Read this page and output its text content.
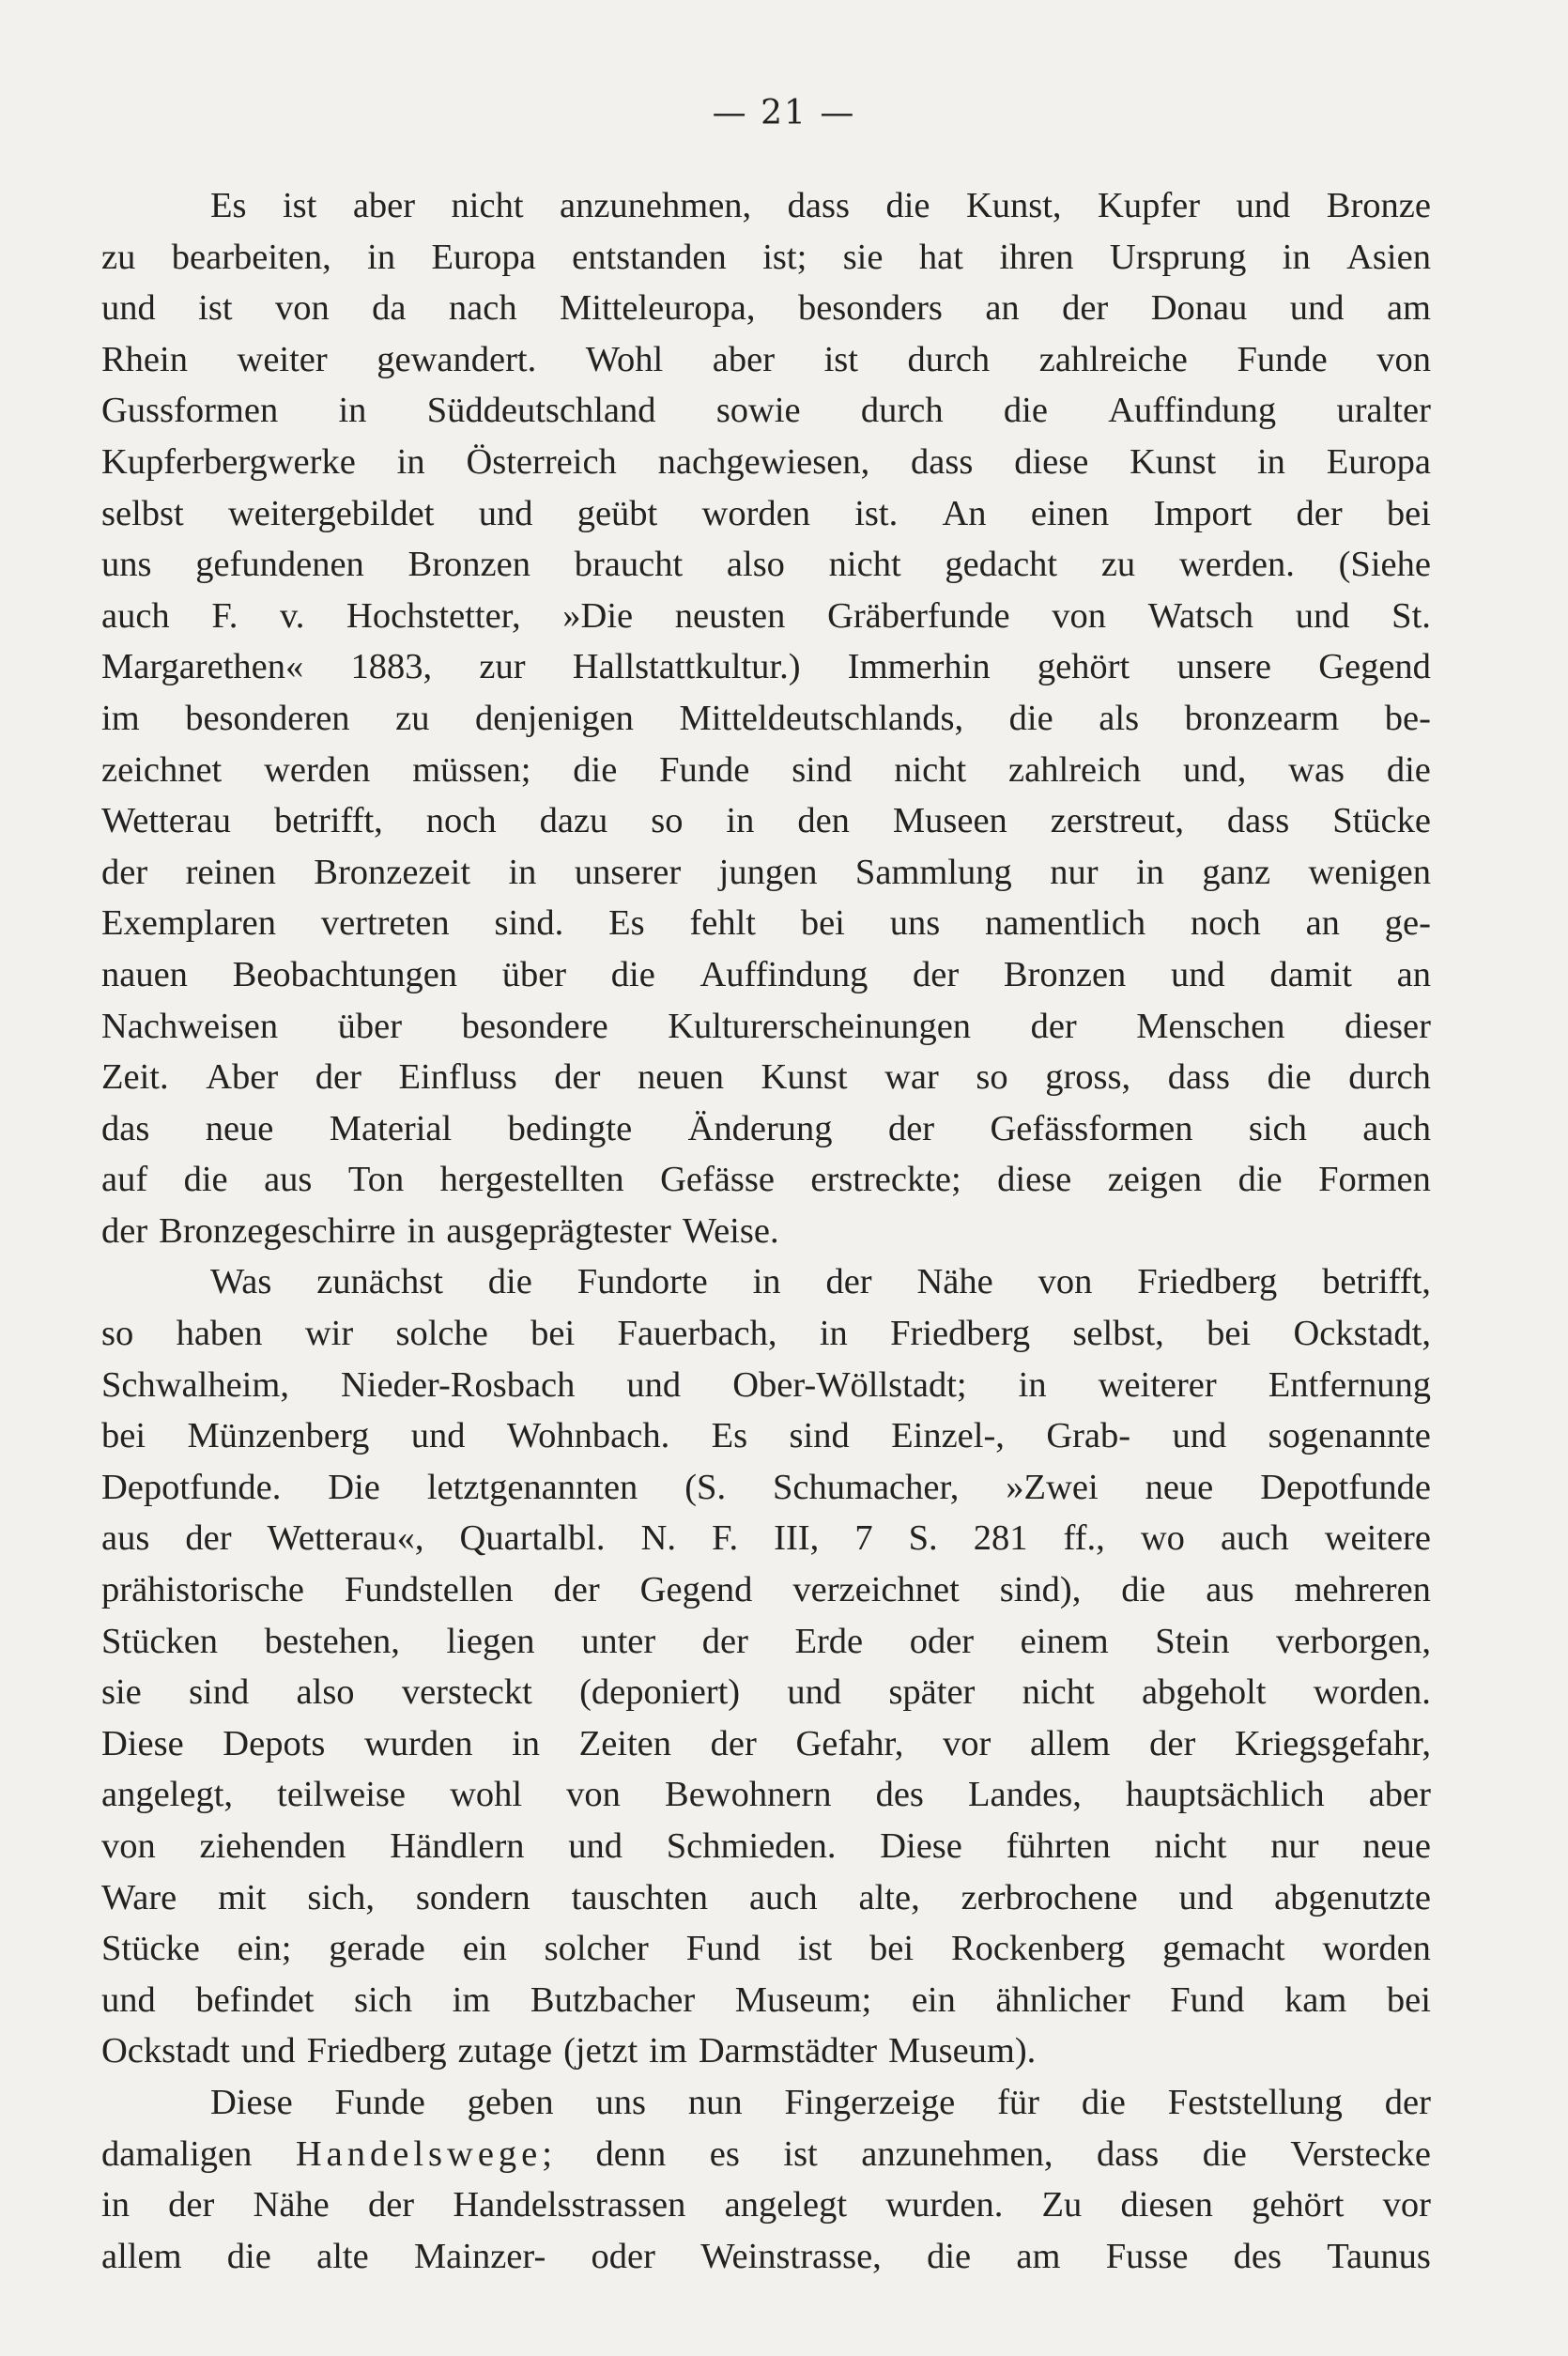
— 21 —
Es ist aber nicht anzunehmen, dass die Kunst, Kupfer und Bronze
zu bearbeiten, in Europa entstanden ist; sie hat ihren Ursprung in Asien
und ist von da nach Mitteleuropa, besonders an der Donau und am
Rhein weiter gewandert. Wohl aber ist durch zahlreiche Funde von
Gussformen in Süddeutschland sowie durch die Auffindung uralter
Kupferbergwerke in Österreich nachgewiesen, dass diese Kunst in Europa
selbst weitergebildet und geübt worden ist. An einen Import der bei
uns gefundenen Bronzen braucht also nicht gedacht zu werden. (Siehe
auch F. v. Hochstetter, »Die neusten Gräberfunde von Watsch und St.
Margarethen« 1883, zur Hallstattkultur.) Immerhin gehört unsere Gegend
im besonderen zu denjenigen Mitteldeutschlands, die als bronzearm be-
zeichnet werden müssen; die Funde sind nicht zahlreich und, was die
Wetterau betrifft, noch dazu so in den Museen zerstreut, dass Stücke
der reinen Bronzezeit in unserer jungen Sammlung nur in ganz wenigen
Exemplaren vertreten sind. Es fehlt bei uns namentlich noch an ge-
nauen Beobachtungen über die Auffindung der Bronzen und damit an
Nachweisen über besondere Kulturerscheinungen der Menschen dieser
Zeit. Aber der Einfluss der neuen Kunst war so gross, dass die durch
das neue Material bedingte Änderung der Gefässformen sich auch
auf die aus Ton hergestellten Gefässe erstreckte; diese zeigen die Formen
der Bronzegeschirre in ausgeprägtester Weise.
Was zunächst die Fundorte in der Nähe von Friedberg betrifft,
so haben wir solche bei Fauerbach, in Friedberg selbst, bei Ockstadt,
Schwalheim, Nieder-Rosbach und Ober-Wöllstadt; in weiterer Entfernung
bei Münzenberg und Wohnbach. Es sind Einzel-, Grab- und sogenannte
Depotfunde. Die letztgenannten (S. Schumacher, »Zwei neue Depotfunde
aus der Wetterau«, Quartalbl. N. F. III, 7 S. 281 ff., wo auch weitere
prähistorische Fundstellen der Gegend verzeichnet sind), die aus mehreren
Stücken bestehen, liegen unter der Erde oder einem Stein verborgen,
sie sind also versteckt (deponiert) und später nicht abgeholt worden.
Diese Depots wurden in Zeiten der Gefahr, vor allem der Kriegsgefahr,
angelegt, teilweise wohl von Bewohnern des Landes, hauptsächlich aber
von ziehenden Händlern und Schmieden. Diese führten nicht nur neue
Ware mit sich, sondern tauschten auch alte, zerbrochene und abgenutzte
Stücke ein; gerade ein solcher Fund ist bei Rockenberg gemacht worden
und befindet sich im Butzbacher Museum; ein ähnlicher Fund kam bei
Ockstadt und Friedberg zutage (jetzt im Darmstädter Museum).
Diese Funde geben uns nun Fingerzeige für die Feststellung der
damaligen Handelswege; denn es ist anzunehmen, dass die Verstecke
in der Nähe der Handelsstrassen angelegt wurden. Zu diesen gehört vor
allem die alte Mainzer- oder Weinstrasse, die am Fusse des Taunus
